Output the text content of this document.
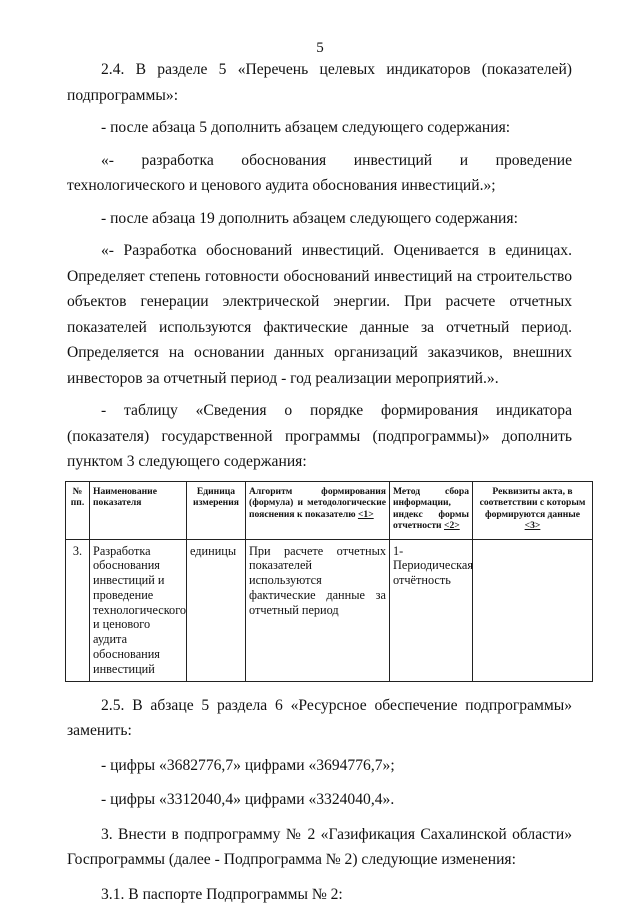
5

2.4. В разделе 5 «Перечень целевых индикаторов (показателей) подпрограммы»:

- после абзаца 5 дополнить абзацем следующего содержания:

«- разработка обоснования инвестиций и проведение технологического и ценового аудита обоснования инвестиций.»;

- после абзаца 19 дополнить абзацем следующего содержания:

«- Разработка обоснований инвестиций. Оценивается в единицах. Определяет степень готовности обоснований инвестиций на строительство объектов генерации электрической энергии. При расчете отчетных показателей используются фактические данные за отчетный период. Определяется на основании данных организаций заказчиков, внешних инвесторов за отчетный период - год реализации мероприятий.».

- таблицу «Сведения о порядке формирования индикатора (показателя) государственной программы (подпрограммы)» дополнить пунктом 3 следующего содержания:

№ пп.	Наименование показателя	Единица измерения	Алгоритм формирования (формула) и методологические пояснения к показателю <1>	Метод сбора информации, индекс формы отчетности <2>	Реквизиты акта, в соответствии с которым формируются данные <3>
3.	Разработка обоснования инвестиций и проведение технологического и ценового аудита обоснования инвестиций	единицы	При расчете отчетных показателей используются фактические данные за отчетный период	1- Периодическая отчётность	

2.5. В абзаце 5 раздела 6 «Ресурсное обеспечение подпрограммы» заменить:

- цифры «3682776,7» цифрами «3694776,7»;

- цифры «3312040,4» цифрами «3324040,4».

3. Внести в подпрограмму № 2 «Газификация Сахалинской области» Госпрограммы (далее - Подпрограмма № 2) следующие изменения:

3.1. В паспорте Подпрограммы № 2:
